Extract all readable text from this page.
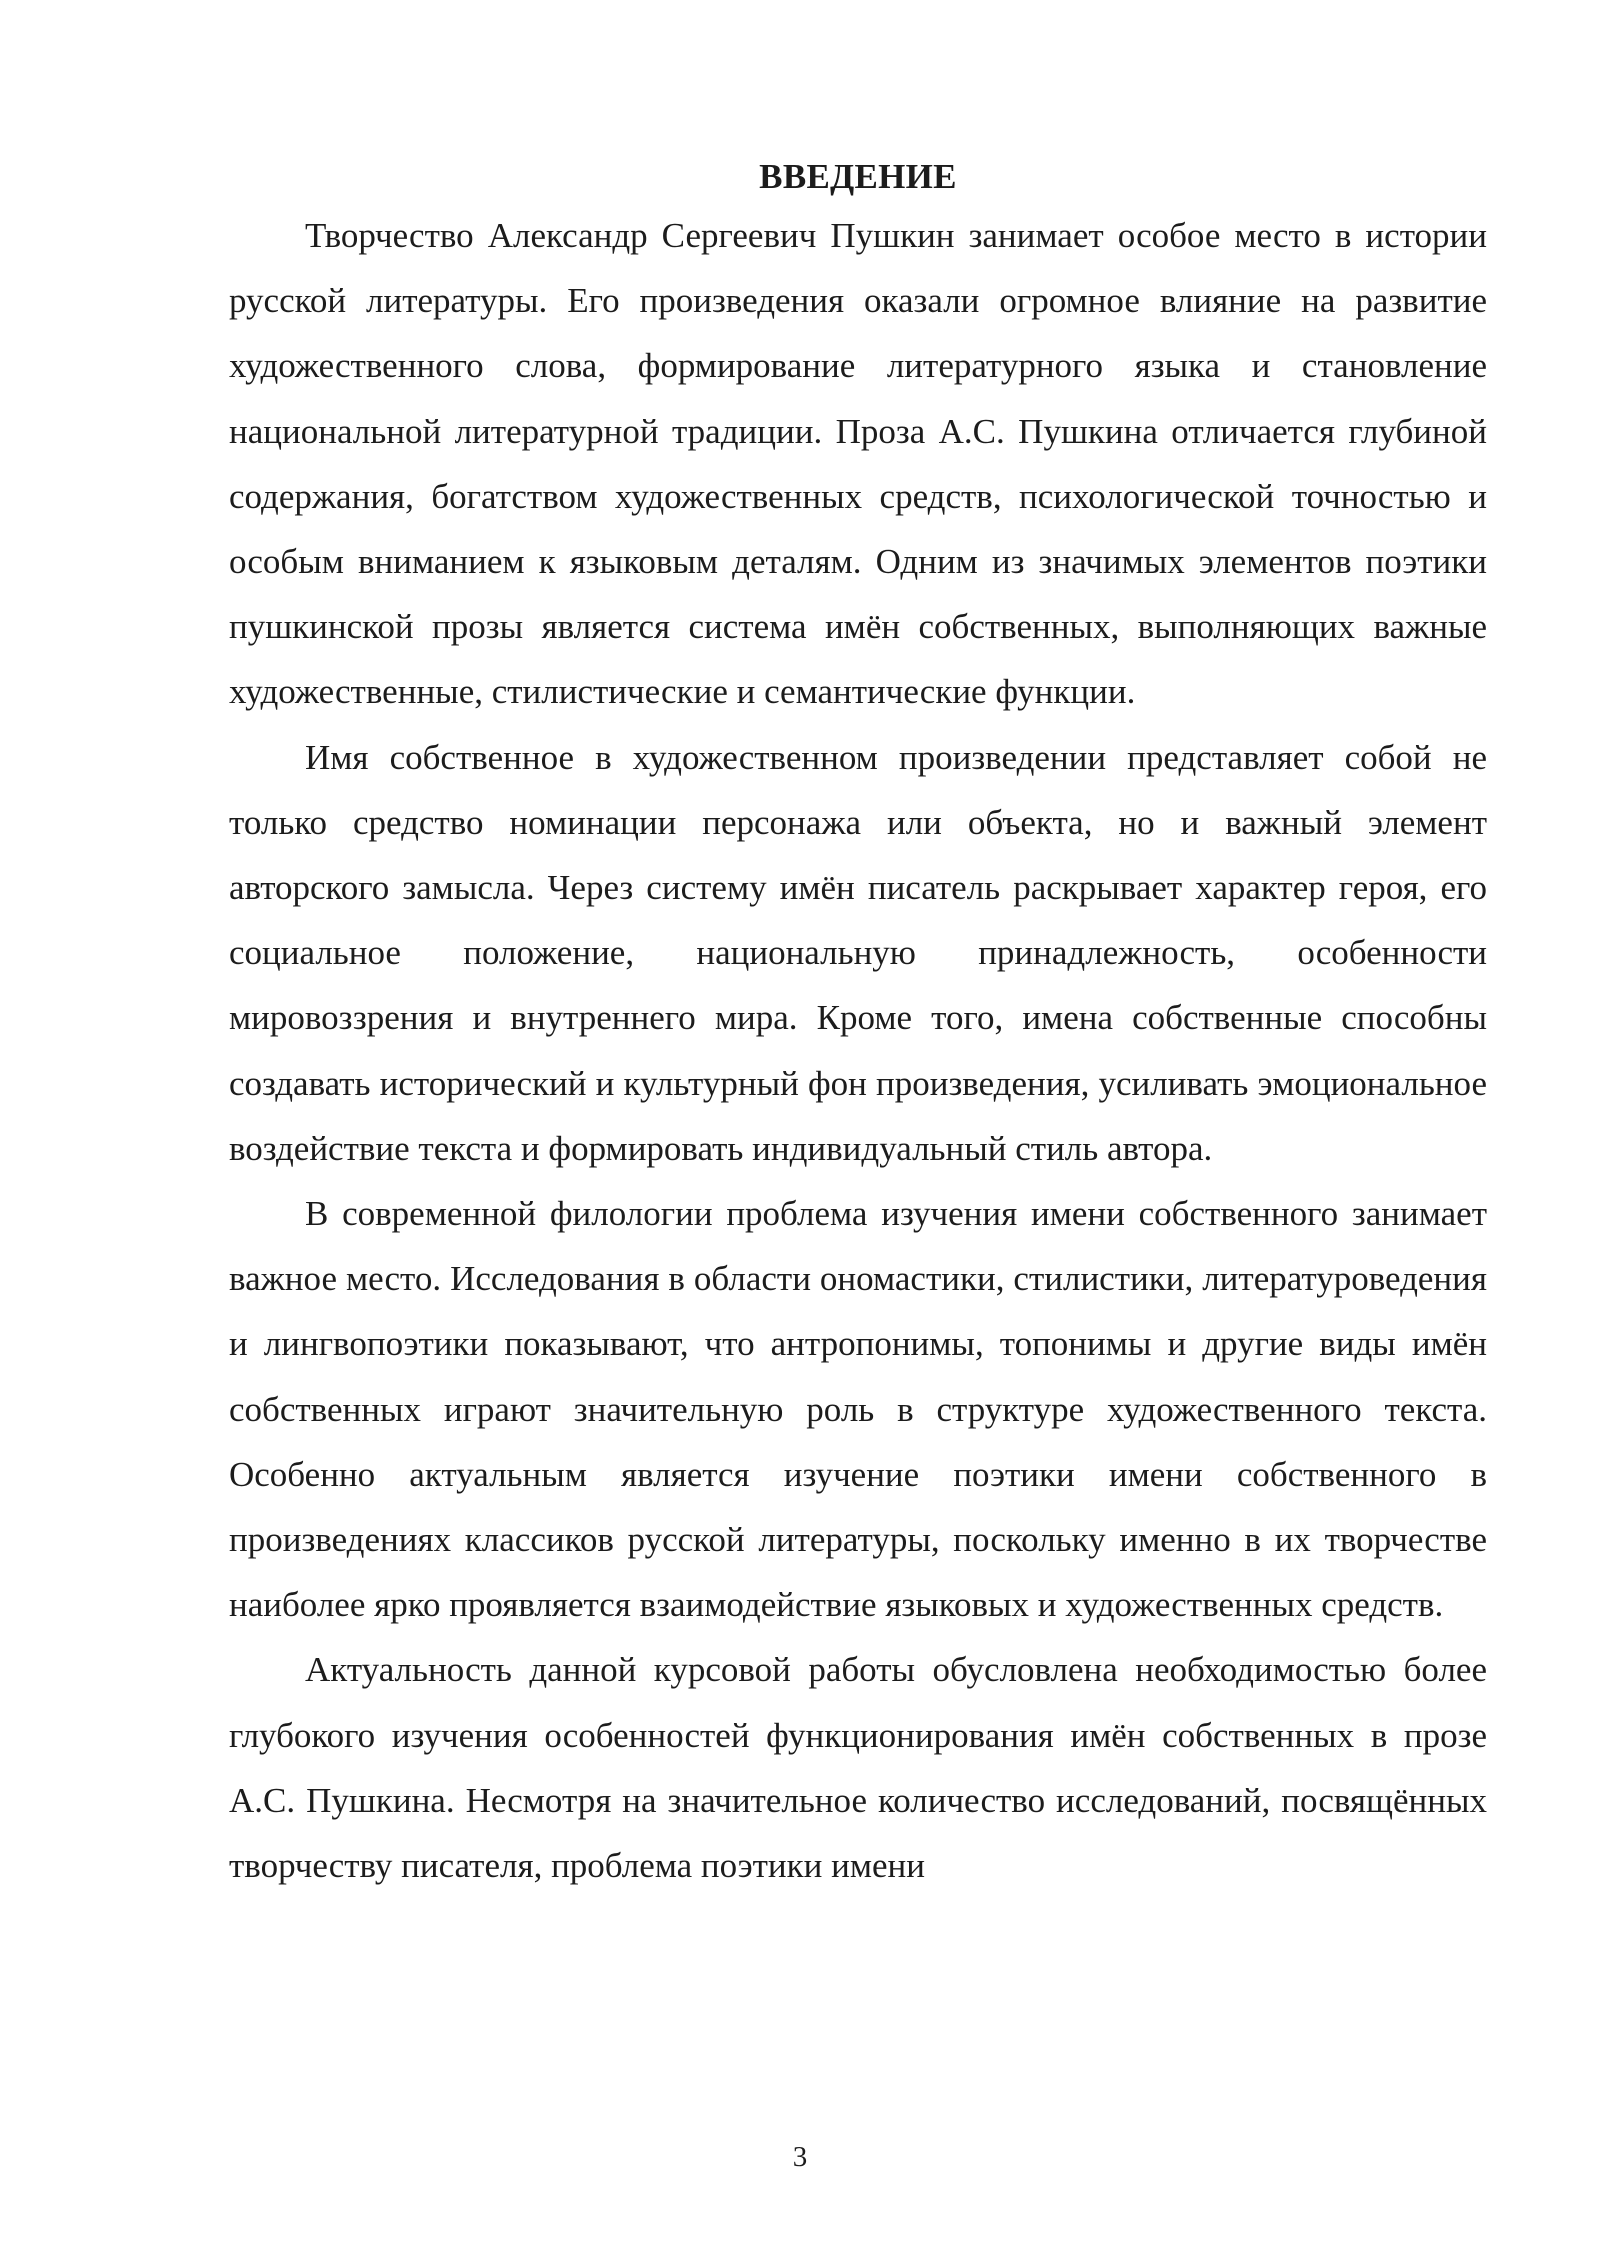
ВВЕДЕНИЕ

Творчество Александр Сергеевич Пушкин занимает особое место в истории русской литературы. Его произведения оказали огромное влияние на развитие художественного слова, формирование литературного языка и становление национальной литературной традиции. Проза А.С. Пушкина отличается глубиной содержания, богатством художественных средств, психологической точностью и особым вниманием к языковым деталям. Одним из значимых элементов поэтики пушкинской прозы является система имён собственных, выполняющих важные художественные, стилистические и семантические функции.

Имя собственное в художественном произведении представляет собой не только средство номинации персонажа или объекта, но и важный элемент авторского замысла. Через систему имён писатель раскрывает характер героя, его социальное положение, национальную принадлежность, особенности мировоззрения и внутреннего мира. Кроме того, имена собственные способны создавать исторический и культурный фон произведения, усиливать эмоциональное воздействие текста и формировать индивидуальный стиль автора.

В современной филологии проблема изучения имени собственного занимает важное место. Исследования в области ономастики, стилистики, литературоведения и лингвопоэтики показывают, что антропонимы, топонимы и другие виды имён собственных играют значительную роль в структуре художественного текста. Особенно актуальным является изучение поэтики имени собственного в произведениях классиков русской литературы, поскольку именно в их творчестве наиболее ярко проявляется взаимодействие языковых и художественных средств.

Актуальность данной курсовой работы обусловлена необходимостью более глубокого изучения особенностей функционирования имён собственных в прозе А.С. Пушкина. Несмотря на значительное количество исследований, посвящённых творчеству писателя, проблема поэтики имени

3
